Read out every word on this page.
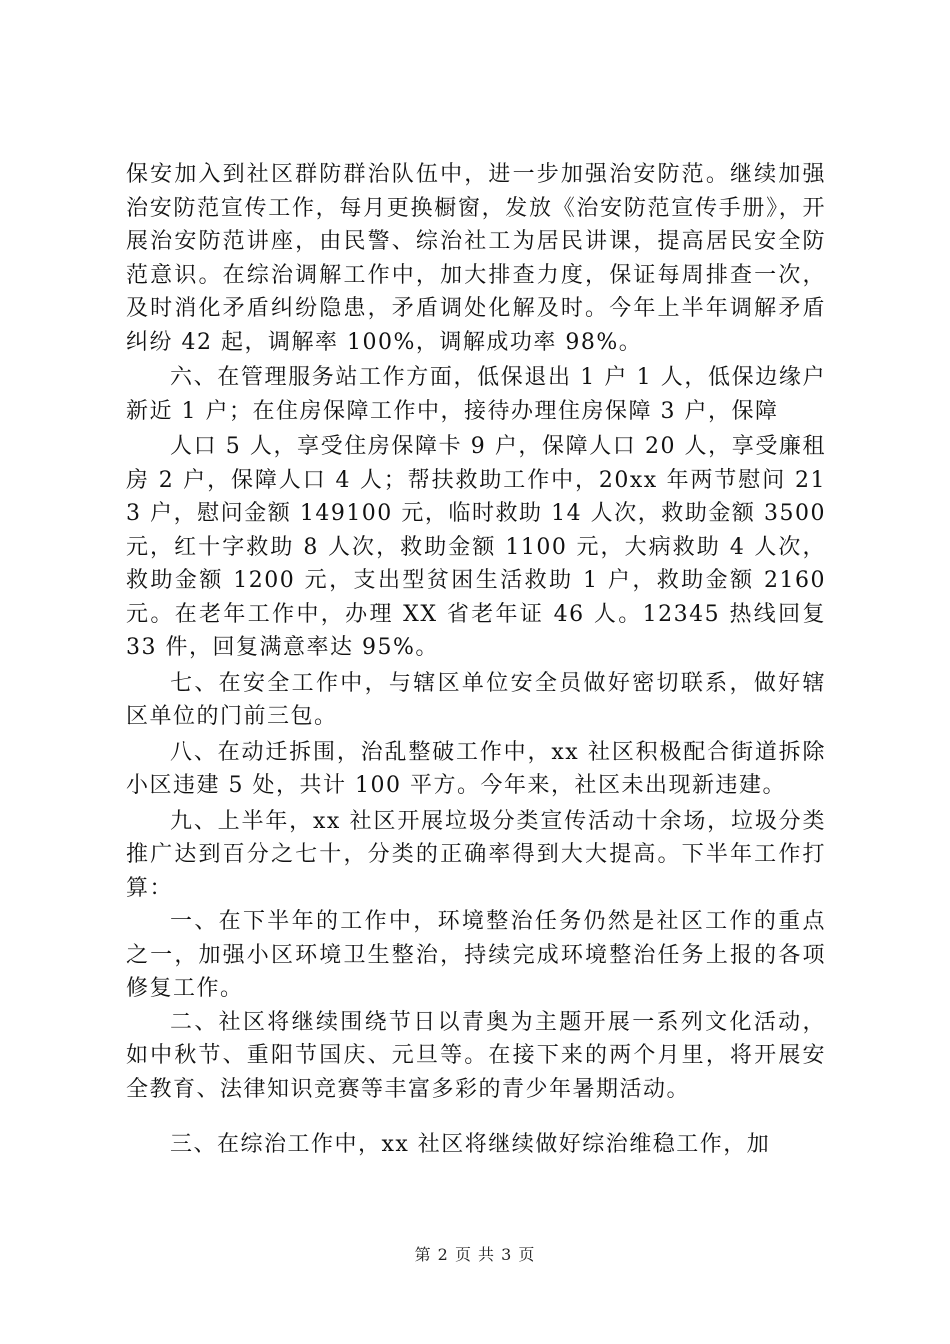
保安加入到社区群防群治队伍中，进一步加强治安防范。继续加强治安防范宣传工作，每月更换橱窗，发放《治安防范宣传手册》，开展治安防范讲座，由民警、综治社工为居民讲课，提高居民安全防范意识。在综治调解工作中，加大排查力度，保证每周排查一次，及时消化矛盾纠纷隐患，矛盾调处化解及时。今年上半年调解矛盾纠纷 42 起，调解率 100%，调解成功率 98%。

六、在管理服务站工作方面，低保退出 1 户 1 人，低保边缘户新近 1 户；在住房保障工作中，接待办理住房保障 3 户，保障

人口 5 人，享受住房保障卡 9 户，保障人口 20 人，享受廉租房 2 户，保障人口 4 人；帮扶救助工作中，20xx 年两节慰问 213 户，慰问金额 149100 元，临时救助 14 人次，救助金额 3500 元，红十字救助 8 人次，救助金额 1100 元，大病救助 4 人次，救助金额 1200 元，支出型贫困生活救助 1 户，救助金额 2160 元。在老年工作中，办理 XX 省老年证 46 人。12345 热线回复 33 件，回复满意率达 95%。

七、在安全工作中，与辖区单位安全员做好密切联系，做好辖区单位的门前三包。

八、在动迁拆围，治乱整破工作中，xx 社区积极配合街道拆除小区违建 5 处，共计 100 平方。今年来，社区未出现新违建。

九、上半年，xx 社区开展垃圾分类宣传活动十余场，垃圾分类推广达到百分之七十，分类的正确率得到大大提高。下半年工作打算：

一、在下半年的工作中，环境整治任务仍然是社区工作的重点之一，加强小区环境卫生整治，持续完成环境整治任务上报的各项修复工作。

二、社区将继续围绕节日以青奥为主题开展一系列文化活动，如中秋节、重阳节国庆、元旦等。在接下来的两个月里，将开展安全教育、法律知识竞赛等丰富多彩的青少年暑期活动。

三、在综治工作中，xx 社区将继续做好综治维稳工作，加

第 2 页 共 3 页
